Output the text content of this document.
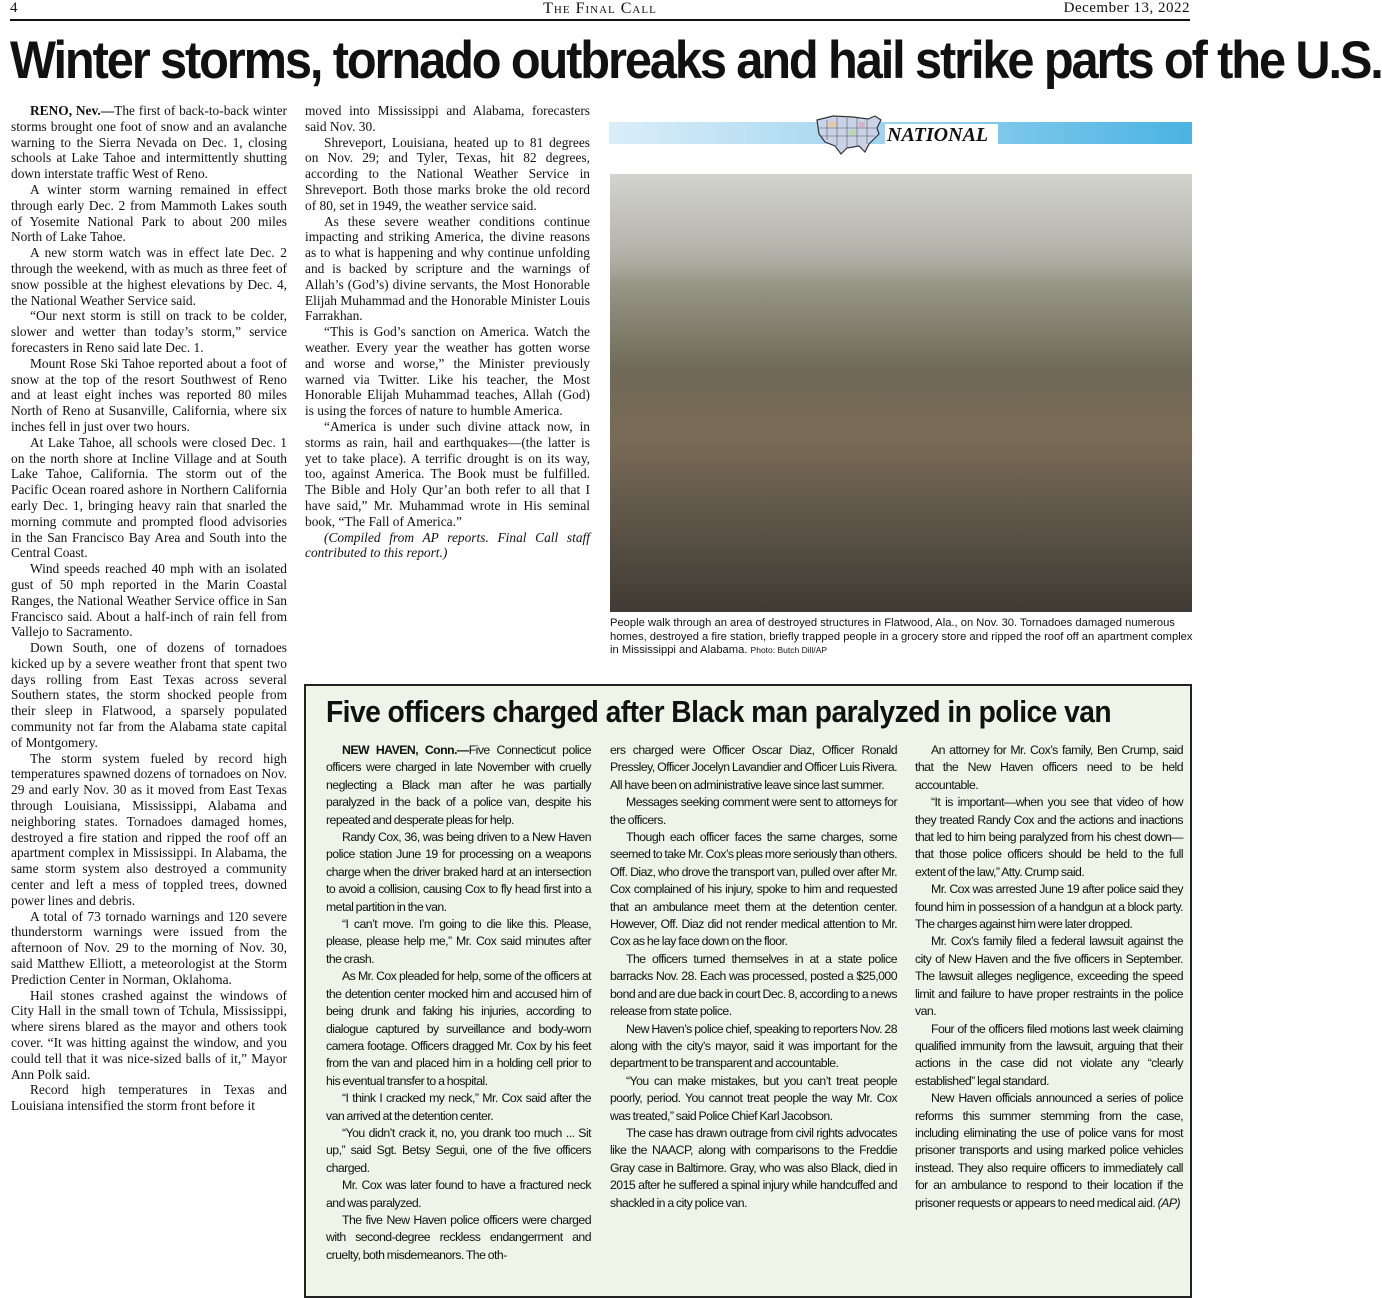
4	The Final Call	December 13, 2022
Winter storms, tornado outbreaks and hail strike parts of the U.S.

RENO, Nev.—The first of back-to-back winter storms brought one foot of snow and an avalanche warning to the Sierra Nevada on Dec. 1, closing schools at Lake Tahoe and intermittently shutting down interstate traffic West of Reno.

A winter storm warning remained in effect through early Dec. 2 from Mammoth Lakes south of Yosemite National Park to about 200 miles North of Lake Tahoe.

A new storm watch was in effect late Dec. 2 through the weekend, with as much as three feet of snow possible at the highest elevations by Dec. 4, the National Weather Service said.

“Our next storm is still on track to be colder, slower and wetter than today’s storm,” service forecasters in Reno said late Dec. 1.

Mount Rose Ski Tahoe reported about a foot of snow at the top of the resort Southwest of Reno and at least eight inches was reported 80 miles North of Reno at Susanville, California, where six inches fell in just over two hours.

At Lake Tahoe, all schools were closed Dec. 1 on the north shore at Incline Village and at South Lake Tahoe, California. The storm out of the Pacific Ocean roared ashore in Northern California early Dec. 1, bringing heavy rain that snarled the morning commute and prompted flood advisories in the San Francisco Bay Area and South into the Central Coast.

Wind speeds reached 40 mph with an isolated gust of 50 mph reported in the Marin Coastal Ranges, the National Weather Service office in San Francisco said. About a half-inch of rain fell from Vallejo to Sacramento.

Down South, one of dozens of tornadoes kicked up by a severe weather front that spent two days rolling from East Texas across several Southern states, the storm shocked people from their sleep in Flatwood, a sparsely populated community not far from the Alabama state capital of Montgomery.

The storm system fueled by record high temperatures spawned dozens of tornadoes on Nov. 29 and early Nov. 30 as it moved from East Texas through Louisiana, Mississippi, Alabama and neighboring states. Tornadoes damaged homes, destroyed a fire station and ripped the roof off an apartment complex in Mississippi. In Alabama, the same storm system also destroyed a community center and left a mess of toppled trees, downed power lines and debris.

A total of 73 tornado warnings and 120 severe thunderstorm warnings were issued from the afternoon of Nov. 29 to the morning of Nov. 30, said Matthew Elliott, a meteorologist at the Storm Prediction Center in Norman, Oklahoma.

Hail stones crashed against the windows of City Hall in the small town of Tchula, Mississippi, where sirens blared as the mayor and others took cover. “It was hitting against the window, and you could tell that it was nice-sized balls of it,” Mayor Ann Polk said.

Record high temperatures in Texas and Louisiana intensified the storm front before it

moved into Mississippi and Alabama, forecasters said Nov. 30.

Shreveport, Louisiana, heated up to 81 degrees on Nov. 29; and Tyler, Texas, hit 82 degrees, according to the National Weather Service in Shreveport. Both those marks broke the old record of 80, set in 1949, the weather service said.

As these severe weather conditions continue impacting and striking America, the divine reasons as to what is happening and why continue unfolding and is backed by scripture and the warnings of Allah’s (God’s) divine servants, the Most Honorable Elijah Muhammad and the Honorable Minister Louis Farrakhan.

“This is God’s sanction on America. Watch the weather. Every year the weather has gotten worse and worse and worse,” the Minister previously warned via Twitter. Like his teacher, the Most Honorable Elijah Muhammad teaches, Allah (God) is using the forces of nature to humble America.

“America is under such divine attack now, in storms as rain, hail and earthquakes—(the latter is yet to take place). A terrific drought is on its way, too, against America. The Book must be fulfilled. The Bible and Holy Qur’an both refer to all that I have said,” Mr. Muhammad wrote in His seminal book, “The Fall of America.”

(Compiled from AP reports. Final Call staff contributed to this report.)

NATIONAL
People walk through an area of destroyed structures in Flatwood, Ala., on Nov. 30. Tornadoes damaged numerous homes, destroyed a fire station, briefly trapped people in a grocery store and ripped the roof off an apartment complex in Mississippi and Alabama. Photo: Butch Dill/AP
Five officers charged after Black man paralyzed in police van

NEW HAVEN, Conn.—Five Connecticut police officers were charged in late November with cruelly neglecting a Black man after he was partially paralyzed in the back of a police van, despite his repeated and desperate pleas for help.

Randy Cox, 36, was being driven to a New Haven police station June 19 for processing on a weapons charge when the driver braked hard at an intersection to avoid a collision, causing Cox to fly head first into a metal partition in the van.

“I can’t move. I’m going to die like this. Please, please, please help me,” Mr. Cox said minutes after the crash.

As Mr. Cox pleaded for help, some of the officers at the detention center mocked him and accused him of being drunk and faking his injuries, according to dialogue captured by surveillance and body-worn camera footage. Officers dragged Mr. Cox by his feet from the van and placed him in a holding cell prior to his eventual transfer to a hospital.

“I think I cracked my neck,” Mr. Cox said after the van arrived at the detention center.

“You didn’t crack it, no, you drank too much ... Sit up,” said Sgt. Betsy Segui, one of the five officers charged.

Mr. Cox was later found to have a fractured neck and was paralyzed.

The five New Haven police officers were charged with second-degree reckless endangerment and cruelty, both misdemeanors. The oth-

ers charged were Officer Oscar Diaz, Officer Ronald Pressley, Officer Jocelyn Lavandier and Officer Luis Rivera. All have been on administrative leave since last summer.

Messages seeking comment were sent to attorneys for the officers.

Though each officer faces the same charges, some seemed to take Mr. Cox’s pleas more seriously than others. Off. Diaz, who drove the transport van, pulled over after Mr. Cox complained of his injury, spoke to him and requested that an ambulance meet them at the detention center. However, Off. Diaz did not render medical attention to Mr. Cox as he lay face down on the floor.

The officers turned themselves in at a state police barracks Nov. 28. Each was processed, posted a $25,000 bond and are due back in court Dec. 8, according to a news release from state police.

New Haven’s police chief, speaking to reporters Nov. 28 along with the city’s mayor, said it was important for the department to be transparent and accountable.

“You can make mistakes, but you can’t treat people poorly, period. You cannot treat people the way Mr. Cox was treated,” said Police Chief Karl Jacobson.

The case has drawn outrage from civil rights advocates like the NAACP, along with comparisons to the Freddie Gray case in Baltimore. Gray, who was also Black, died in 2015 after he suffered a spinal injury while handcuffed and shackled in a city police van.

An attorney for Mr. Cox’s family, Ben Crump, said that the New Haven officers need to be held accountable.

“It is important—when you see that video of how they treated Randy Cox and the actions and inactions that led to him being paralyzed from his chest down—that those police officers should be held to the full extent of the law,” Atty. Crump said.

Mr. Cox was arrested June 19 after police said they found him in possession of a handgun at a block party. The charges against him were later dropped.

Mr. Cox’s family filed a federal lawsuit against the city of New Haven and the five officers in September. The lawsuit alleges negligence, exceeding the speed limit and failure to have proper restraints in the police van.

Four of the officers filed motions last week claiming qualified immunity from the lawsuit, arguing that their actions in the case did not violate any “clearly established” legal standard.

New Haven officials announced a series of police reforms this summer stemming from the case, including eliminating the use of police vans for most prisoner transports and using marked police vehicles instead. They also require officers to immediately call for an ambulance to respond to their location if the prisoner requests or appears to need medical aid. (AP)
